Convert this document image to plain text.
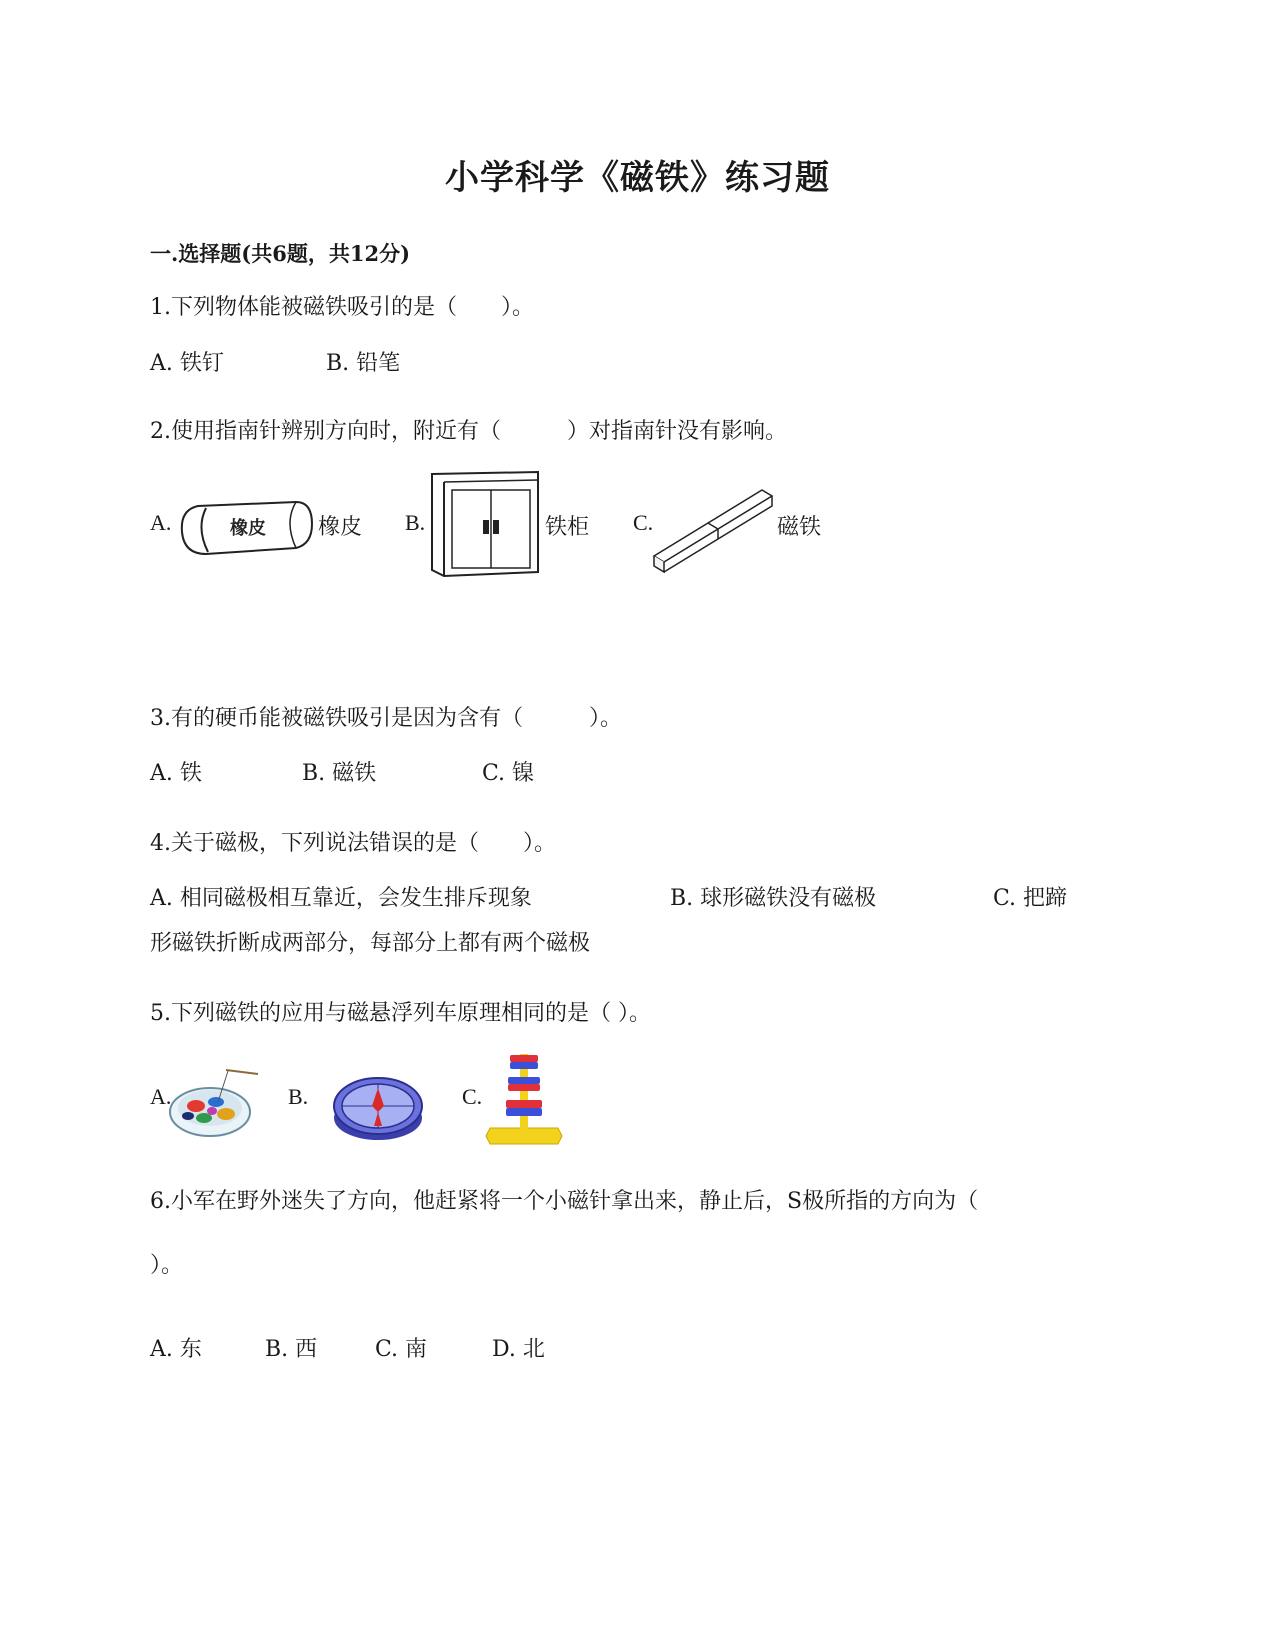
小学科学《磁铁》练习题
一.选择题(共6题，共12分)
1.下列物体能被磁铁吸引的是（　　）。
A. 铁钉	B. 铅笔
2.使用指南针辨别方向时，附近有（　　　）对指南针没有影响。
A.	橡皮 橡皮 B.	铁柜 C.	磁铁
3.有的硬币能被磁铁吸引是因为含有（　　　）。
A. 铁	B. 磁铁	C. 镍
4.关于磁极，下列说法错误的是（　　）。
A. 相同磁极相互靠近，会发生排斥现象	B. 球形磁铁没有磁极	C. 把蹄
形磁铁折断成两部分，每部分上都有两个磁极
5.下列磁铁的应用与磁悬浮列车原理相同的是（ ）。
A.	B.	C.
6.小军在野外迷失了方向，他赶紧将一个小磁针拿出来，静止后，S极所指的方向为（
）。
A. 东	B. 西	C. 南	D. 北
